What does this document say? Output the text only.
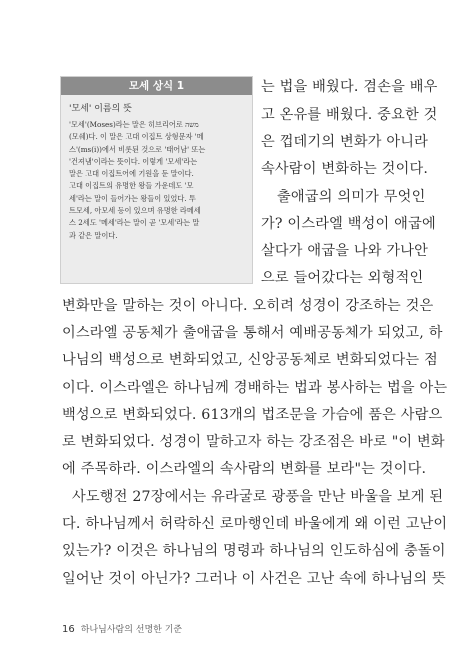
모세 상식 1
'모세' 이름의 뜻
'모세'(Moses)라는 말은 히브리어로 משה
(모쉐)다. 이 말은 고대 이집트 상형문자 '메
스'(ms(i))에서 비롯된 것으로 '태어남' 또는
'건져냄'이라는 뜻이다. 이렇게 '모세'라는
말은 고대 이집트어에 기원을 둔 말이다.
고대 이집트의 유명한 왕들 가운데도 '모
세'라는 말이 들어가는 왕들이 있었다. 투
트모세, 아모세 등이 있으며 유명한 라메세
스 2세도 '메세'라는 말이 곧 '모세'라는 말
과 같은 말이다.
는 법을 배웠다. 겸손을 배우
고 온유를 배웠다. 중요한 것
은 껍데기의 변화가 아니라
속사람이 변화하는 것이다.
출애굽의 의미가 무엇인
가? 이스라엘 백성이 애굽에
살다가 애굽을 나와 가나안
으로 들어갔다는 외형적인
변화만을 말하는 것이 아니다. 오히려 성경이 강조하는 것은
이스라엘 공동체가 출애굽을 통해서 예배공동체가 되었고, 하
나님의 백성으로 변화되었고, 신앙공동체로 변화되었다는 점
이다. 이스라엘은 하나님께 경배하는 법과 봉사하는 법을 아는
백성으로 변화되었다. 613개의 법조문을 가슴에 품은 사람으
로 변화되었다. 성경이 말하고자 하는 강조점은 바로 "이 변화
에 주목하라. 이스라엘의 속사람의 변화를 보라"는 것이다.
사도행전 27장에서는 유라굴로 광풍을 만난 바울을 보게 된
다. 하나님께서 허락하신 로마행인데 바울에게 왜 이런 고난이
있는가? 이것은 하나님의 명령과 하나님의 인도하심에 충돌이
일어난 것이 아닌가? 그러나 이 사건은 고난 속에 하나님의 뜻
16 하나님사람의 선명한 기준
